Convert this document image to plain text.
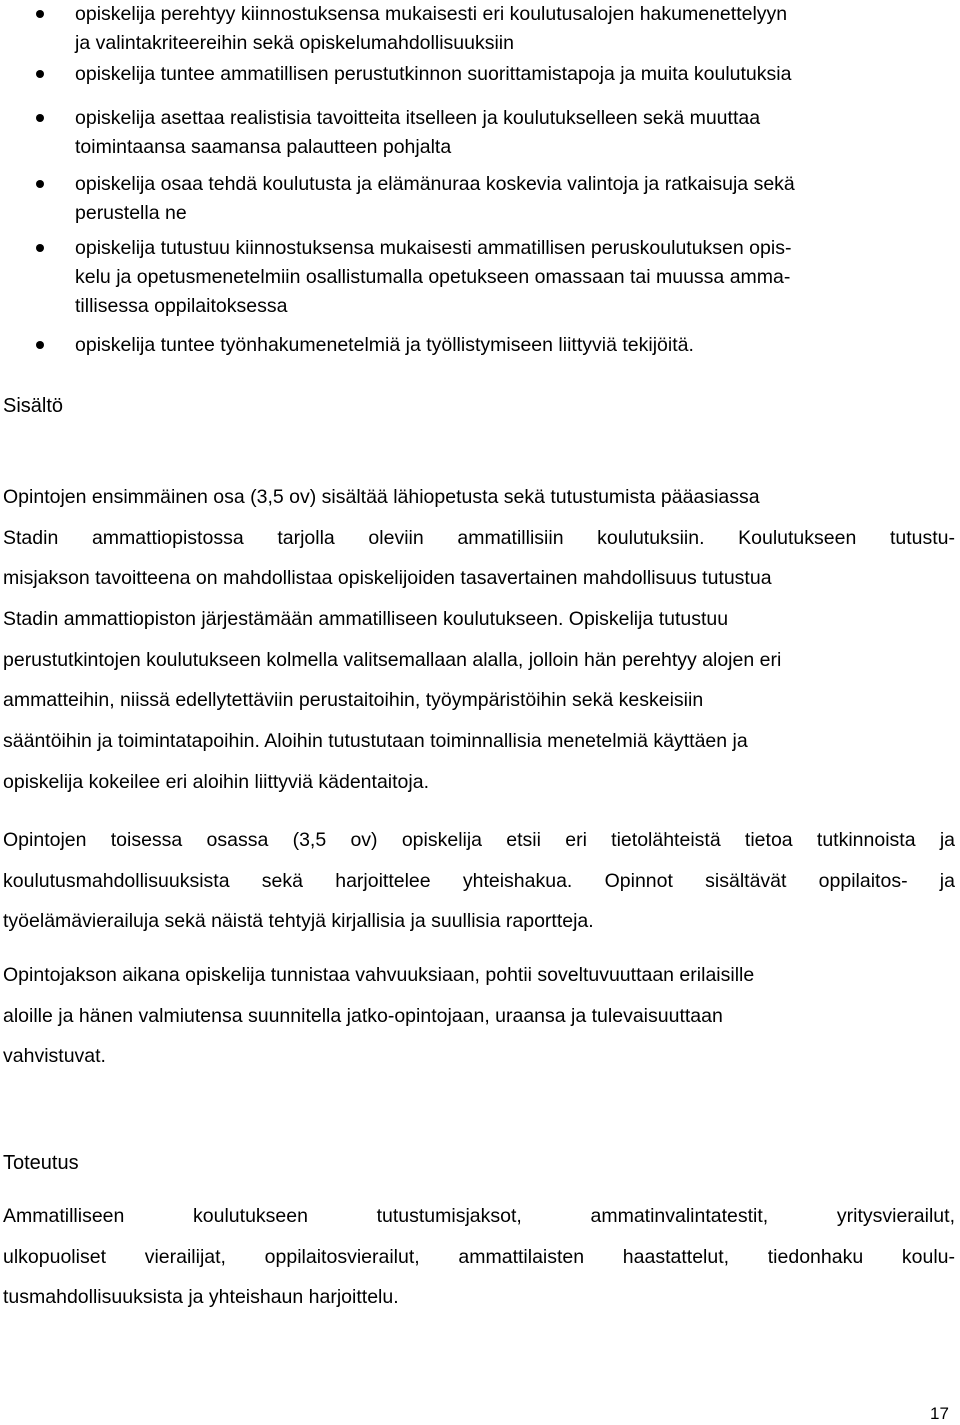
opiskelija perehtyy kiinnostuksensa mukaisesti eri koulutusalojen hakumenettelyyn
ja valintakriteereihin sekä opiskelumahdollisuuksiin
opiskelija tuntee ammatillisen perustutkinnon suorittamistapoja ja muita koulutuksia
opiskelija asettaa realistisia tavoitteita itselleen ja koulutukselleen sekä muuttaa
toimintaansa saamansa palautteen pohjalta
opiskelija osaa tehdä koulutusta ja elämänuraa koskevia valintoja ja ratkaisuja sekä
perustella ne
opiskelija tutustuu kiinnostuksensa mukaisesti ammatillisen peruskoulutuksen opis-
kelu ja opetusmenetelmiin osallistumalla opetukseen omassaan tai muussa amma-
tillisessa oppilaitoksessa
opiskelija tuntee työnhakumenetelmiä ja työllistymiseen liittyviä tekijöitä.
Sisältö
Opintojen ensimmäinen osa (3,5 ov) sisältää lähiopetusta sekä tutustumista pääasiassa
Stadin ammattiopistossa tarjolla oleviin ammatillisiin koulutuksiin. Koulutukseen tutustu-
misjakson tavoitteena on mahdollistaa opiskelijoiden tasavertainen mahdollisuus tutustua
Stadin ammattiopiston järjestämään ammatilliseen koulutukseen. Opiskelija tutustuu
perustutkintojen koulutukseen kolmella valitsemallaan alalla, jolloin hän perehtyy alojen eri
ammatteihin, niissä edellytettäviin perustaitoihin, työympäristöihin sekä keskeisiin
sääntöihin ja toimintatapoihin. Aloihin tutustutaan toiminnallisia menetelmiä käyttäen ja
opiskelija kokeilee eri aloihin liittyviä kädentaitoja.
Opintojen toisessa osassa (3,5 ov) opiskelija etsii eri tietolähteistä tietoa tutkinnoista ja
koulutusmahdollisuuksista sekä harjoittelee yhteishakua. Opinnot sisältävät oppilaitos- ja
työelämävierailuja sekä näistä tehtyjä kirjallisia ja suullisia raportteja.
Opintojakson aikana opiskelija tunnistaa vahvuuksiaan, pohtii soveltuvuuttaan erilaisille
aloille ja hänen valmiutensa suunnitella jatko-opintojaan, uraansa ja tulevaisuuttaan
vahvistuvat.
Toteutus
Ammatilliseen koulutukseen tutustumisjaksot, ammatinvalintatestit, yritysvierailut,
ulkopuoliset vierailijat, oppilaitosvierailut, ammattilaisten haastattelut, tiedonhaku koulu-
tusmahdollisuuksista ja yhteishaun harjoittelu.
17
